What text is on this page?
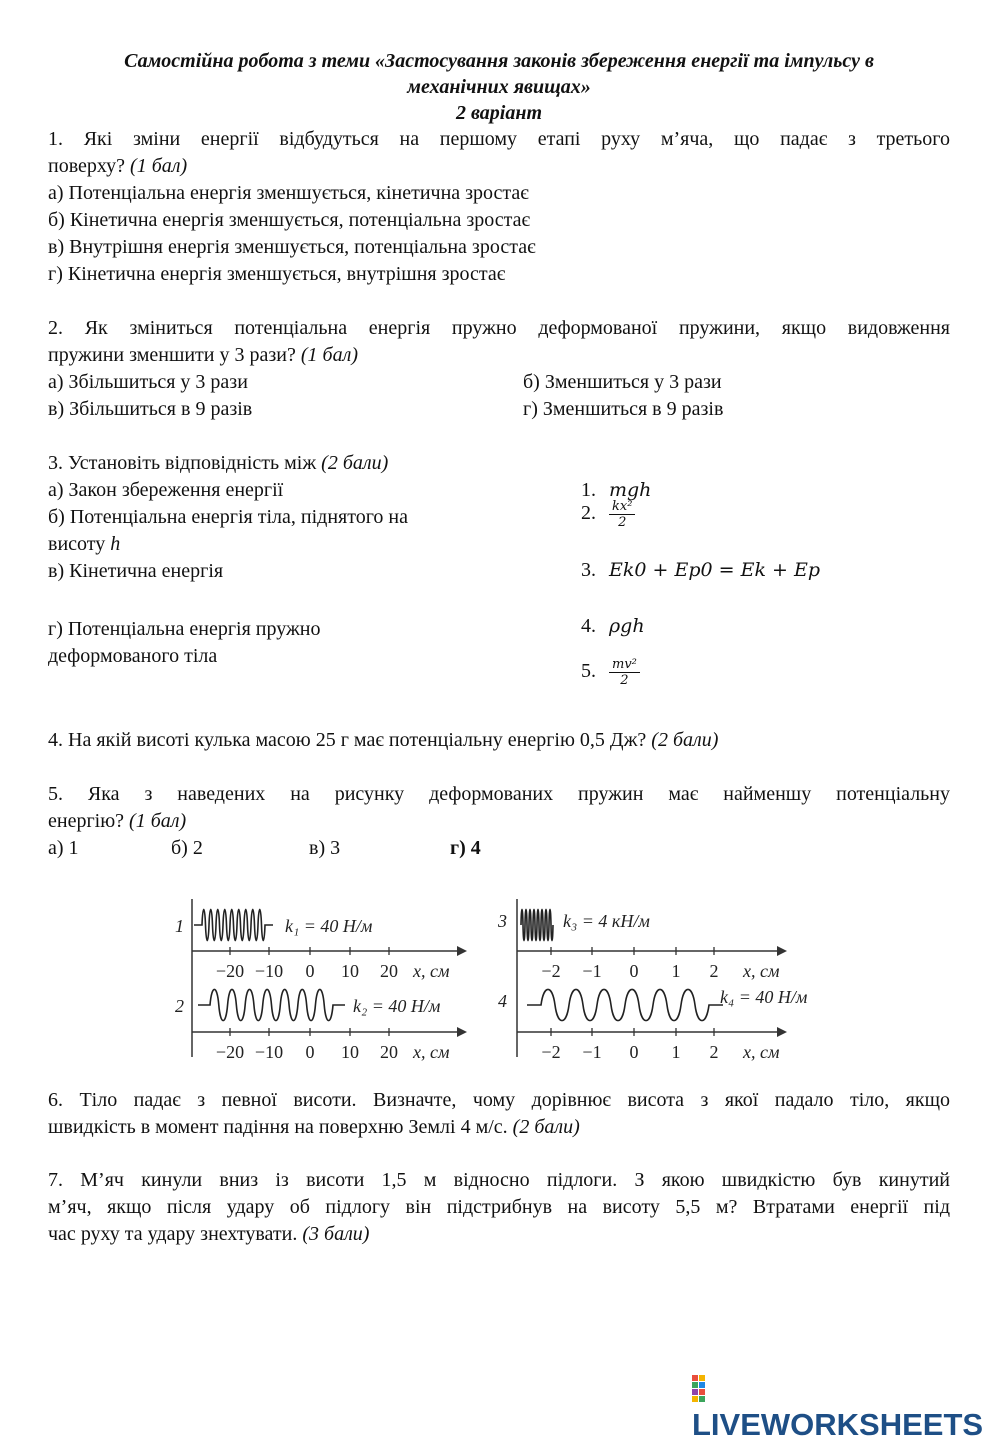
Самостійна робота з теми «Застосування законів збереження енергії та імпульсу в
механічних явищах»
2 варіант
1. Які зміни енергії відбудуться на першому етапі руху м’яча, що падає з третього
поверху? (1 бал)
а) Потенціальна енергія зменшується, кінетична зростає
б) Кінетична енергія зменшується, потенціальна зростає
в) Внутрішня енергія зменшується, потенціальна зростає
г) Кінетична енергія зменшується, внутрішня зростає
2. Як зміниться потенціальна енергія пружно деформованої пружини, якщо видовження
пружини зменшити у 3 рази? (1 бал)
а) Збільшиться у 3 рази	б) Зменшиться у 3 рази
в) Збільшиться в 9 разів	г) Зменшиться в 9 разів
3. Установіть відповідність між (2 бали)
а) Закон збереження енергії
б) Потенціальна енергія тіла, піднятого на
висоту h
в) Кінетична енергія
г) Потенціальна енергія пружно
деформованого тіла
1. mgh
2. $\frac{\text{kx²}}{2}$
3. Ek0 + Ep0 = Ek + Ep
4. ρgh
5. $\frac{\text{mv²}}{2}$
4. На якій висоті кулька масою 25 г має потенціальну енергію 0,5 Дж? (2 бали)
5. Яка з наведених на рисунку деформованих пружин має найменшу потенціальну
енергію? (1 бал)
а) 1	б) 2	в) 3	г) 4
1
2
k₁ = 40 Н/м
k₂ = 40 Н/м
−20 −10 0 10 20 x, см
−20 −10 0 10 20 x, см
3
4
k₃ = 4 кН/м
k₄ = 40 Н/м
−2 −1 0 1 2 x, см
−2 −1 0 1 2 x, см
6. Тіло падає з певної висоти. Визначте, чому дорівнює висота з якої падало тіло, якщо
швидкість в момент падіння на поверхню Землі 4 м/с. (2 бали)
7. М’яч кинули вниз із висоти 1,5 м відносно підлоги. З якою швидкістю був кинутий
м’яч, якщо після удару об підлогу він підстрибнув на висоту 5,5 м? Втратами енергії під
час руху та удару знехтувати. (3 бали)
LIVEWORKSHEETS
